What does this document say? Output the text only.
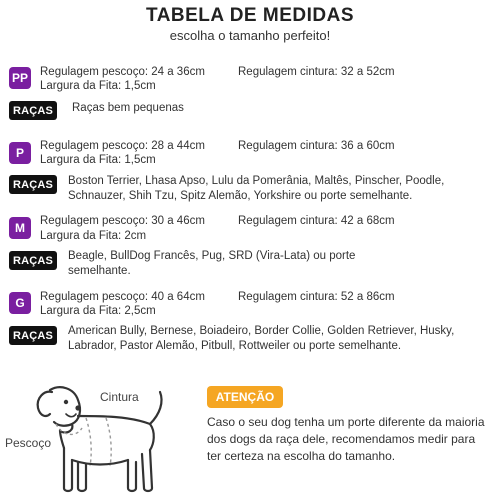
TABELA DE MEDIDAS
escolha o tamanho perfeito!
PP Regulagem pescoço: 24 a 36cm	Regulagem cintura: 32 a 52cm
Largura da Fita: 1,5cm
RAÇAS	Raças bem pequenas
P	Regulagem pescoço: 28 a 44cm	Regulagem cintura: 36 a 60cm
Largura da Fita: 1,5cm
RAÇAS	Boston Terrier, Lhasa Apso, Lulu da Pomerânia, Maltês, Pinscher, Poodle, Schnauzer, Shih Tzu, Spitz Alemão, Yorkshire ou porte semelhante.
M	Regulagem pescoço: 30 a 46cm	Regulagem cintura: 42 a 68cm
Largura da Fita: 2cm
RAÇAS	Beagle, BullDog Francês, Pug, SRD (Vira-Lata) ou porte semelhante.
G	Regulagem pescoço: 40 a 64cm	Regulagem cintura: 52 a 86cm
Largura da Fita: 2,5cm
RAÇAS	American Bully, Bernese, Boiadeiro, Border Collie, Golden Retriever, Husky, Labrador, Pastor Alemão, Pitbull, Rottweiler ou porte semelhante.
Cintura
Pescoço
ATENÇÃO
Caso o seu dog tenha um porte diferente da maioria dos dogs da raça dele, recomendamos medir para ter certeza na escolha do tamanho.
